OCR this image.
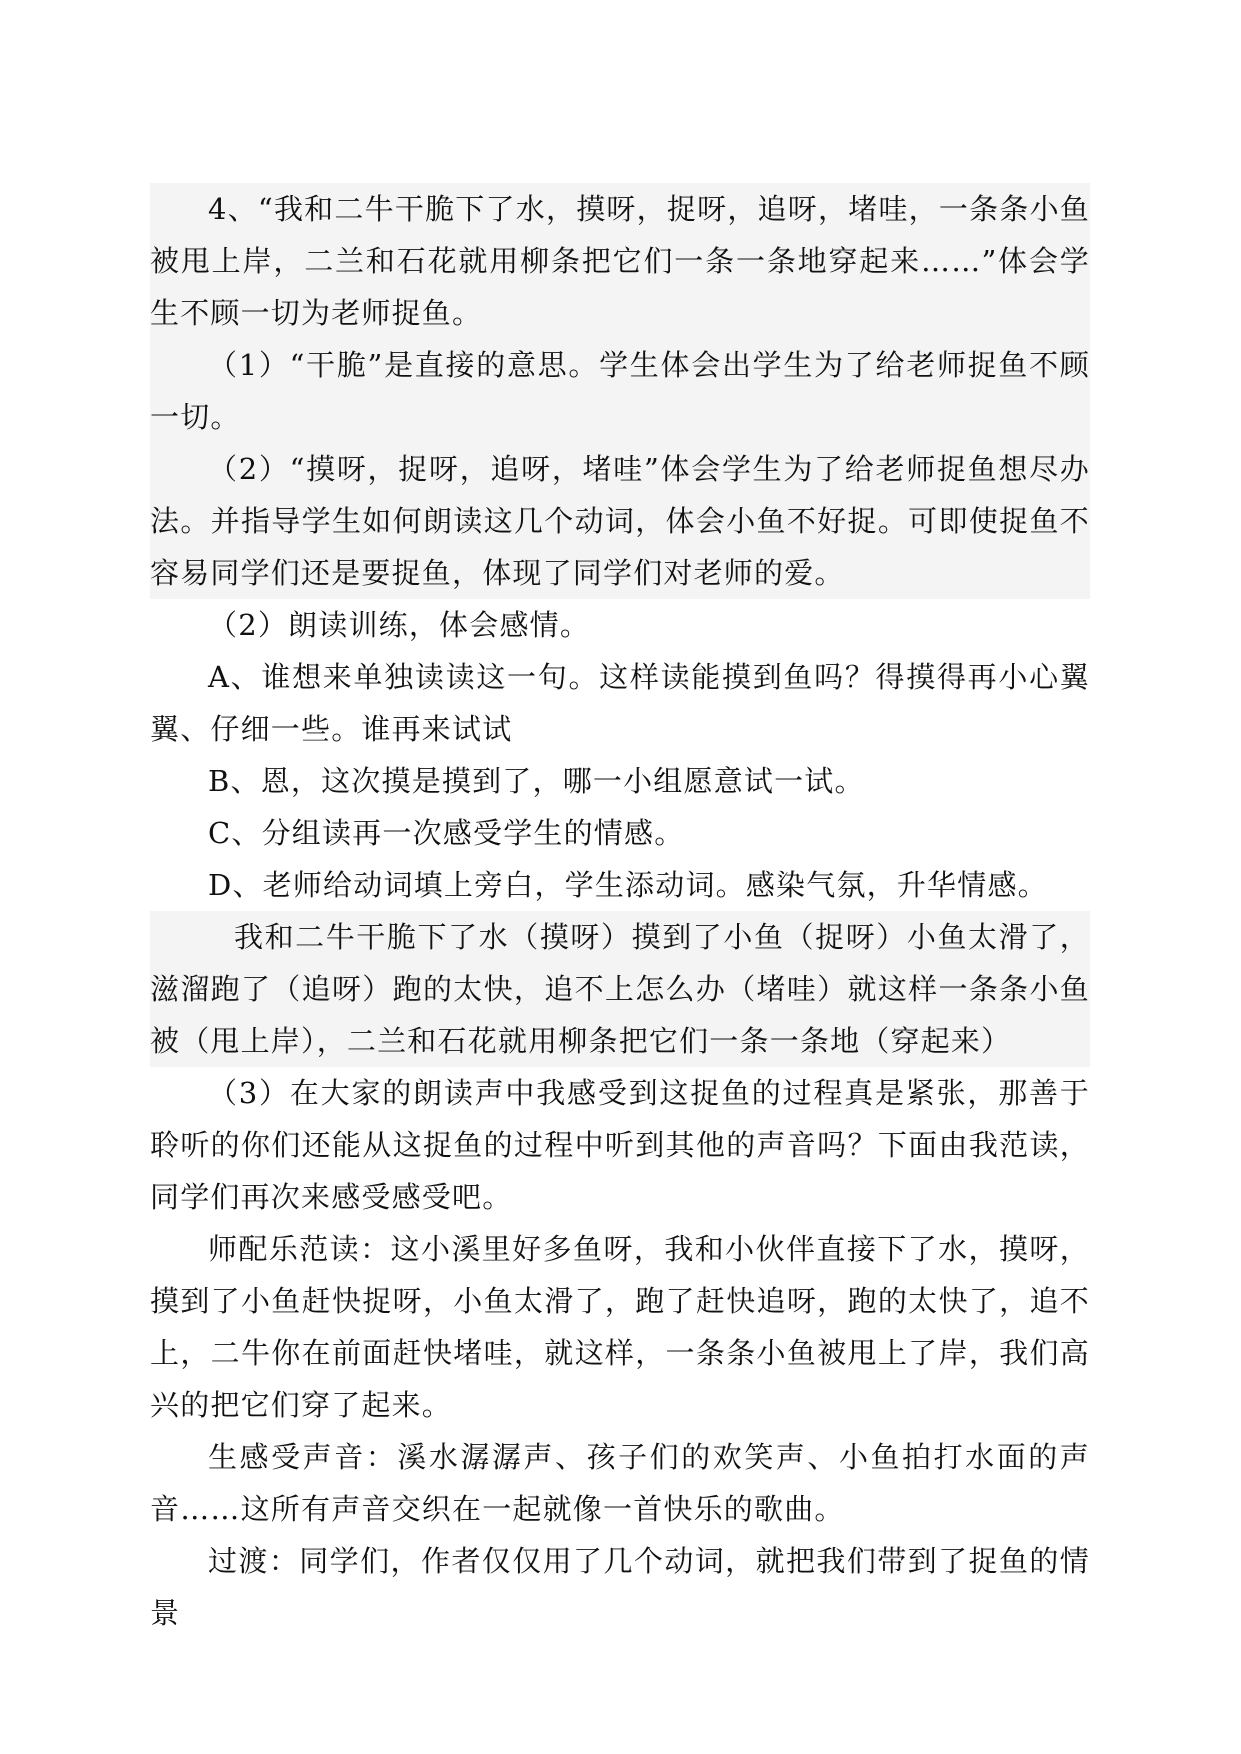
4、“我和二牛干脆下了水，摸呀，捉呀，追呀，堵哇，一条条小鱼被甩上岸，二兰和石花就用柳条把它们一条一条地穿起来……”体会学生不顾一切为老师捉鱼。

（1）“干脆”是直接的意思。学生体会出学生为了给老师捉鱼不顾一切。

（2）“摸呀，捉呀，追呀，堵哇”体会学生为了给老师捉鱼想尽办法。并指导学生如何朗读这几个动词，体会小鱼不好捉。可即使捉鱼不容易同学们还是要捉鱼，体现了同学们对老师的爱。

（2）朗读训练，体会感情。

A、谁想来单独读读这一句。这样读能摸到鱼吗？得摸得再小心翼翼、仔细一些。谁再来试试

B、恩，这次摸是摸到了，哪一小组愿意试一试。

C、分组读再一次感受学生的情感。

D、老师给动词填上旁白，学生添动词。感染气氛，升华情感。

我和二牛干脆下了水（摸呀）摸到了小鱼（捉呀）小鱼太滑了，滋溜跑了（追呀）跑的太快，追不上怎么办（堵哇）就这样一条条小鱼被（甩上岸），二兰和石花就用柳条把它们一条一条地（穿起来）

（3）在大家的朗读声中我感受到这捉鱼的过程真是紧张，那善于聆听的你们还能从这捉鱼的过程中听到其他的声音吗？下面由我范读，同学们再次来感受感受吧。

师配乐范读：这小溪里好多鱼呀，我和小伙伴直接下了水，摸呀，摸到了小鱼赶快捉呀，小鱼太滑了，跑了赶快追呀，跑的太快了，追不上，二牛你在前面赶快堵哇，就这样，一条条小鱼被甩上了岸，我们高兴的把它们穿了起来。

生感受声音：溪水潺潺声、孩子们的欢笑声、小鱼拍打水面的声音……这所有声音交织在一起就像一首快乐的歌曲。

过渡：同学们，作者仅仅用了几个动词，就把我们带到了捉鱼的情景
